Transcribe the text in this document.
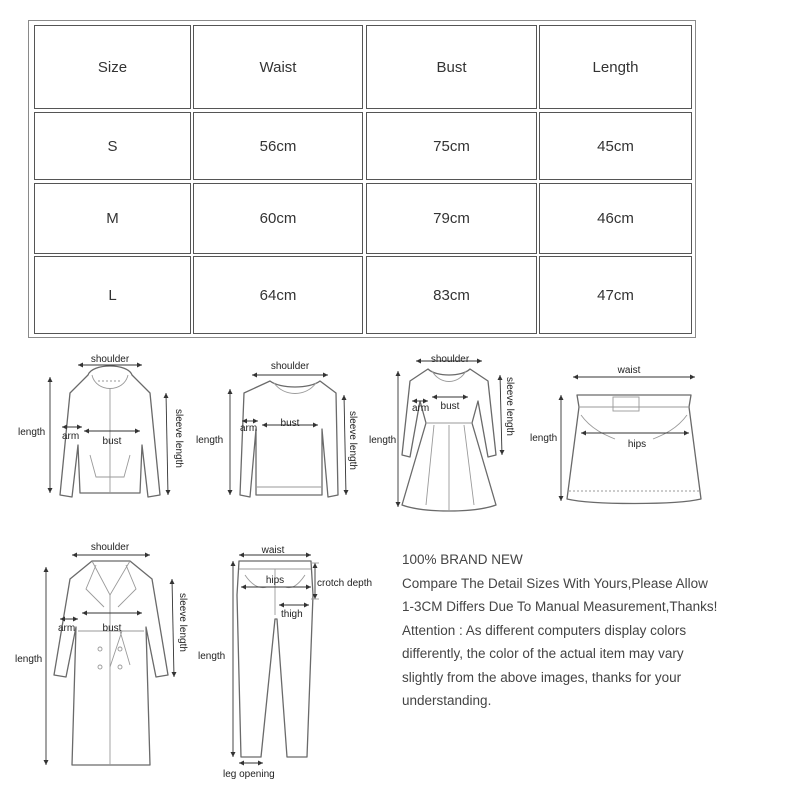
Size	Waist	Bust	Length
S	56cm	75cm	45cm
M	60cm	79cm	46cm
L	64cm	83cm	47cm
shoulder
length arm bust	sleeve length
shoulder
length
arm bust	sleeve length
shoulder
length
arm bust	sleeve length
waist
length
hips
shoulder
length
arm	bust	sleeve length
waist
hips	crotch depth
thigh
length
leg opening

100% BRAND NEW

Compare The Detail Sizes With Yours,Please Allow

1-3CM Differs Due To Manual Measurement,Thanks!

Attention : As different computers display colors

differently, the color of the actual item may vary

slightly from the above images, thanks for your

understanding.
